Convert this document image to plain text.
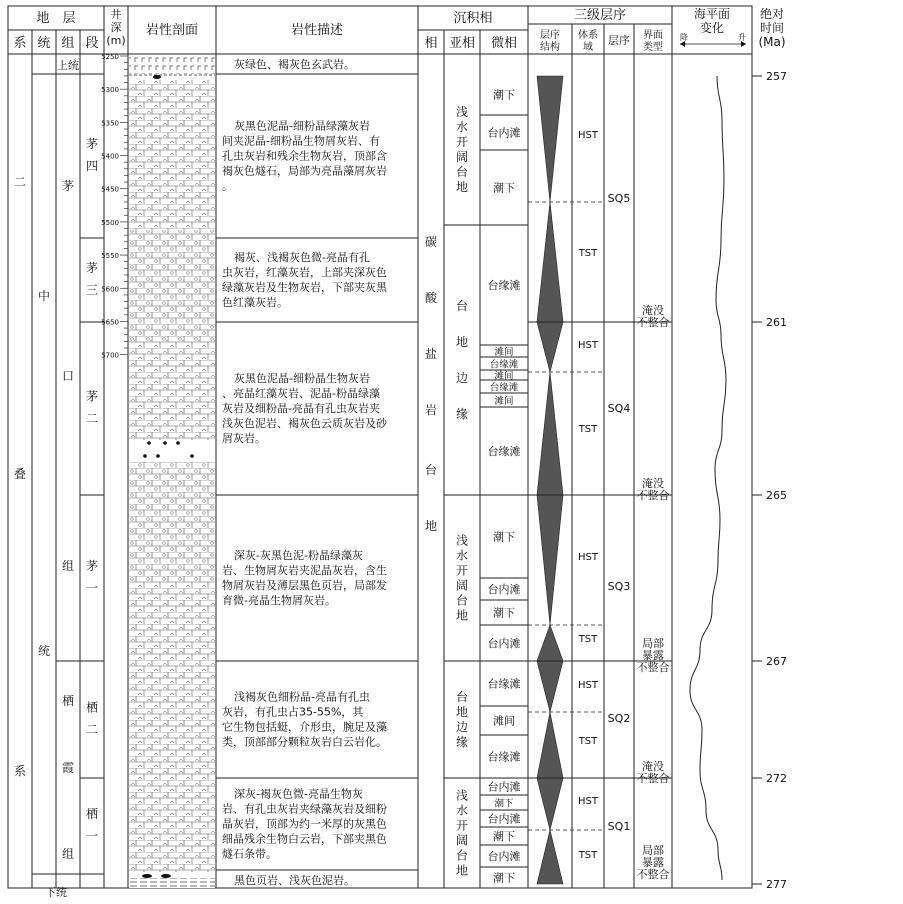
地　层
系 统 组 段
井深(m)
岩性剖面	岩性描述
沉积相
相 亚相 微相
三级层序
层序结构
体系域
层序 界面类型
海平面变化
降	升
绝对时间(Ma)
5250
5300
5350
5400
5450
5500
5550
5600
5650
5700
上统
下统
二
叠
系
中
统
茅
口
组
栖
霞
组
茅
四
茅
三
茅
二
茅
一
栖
二
栖
一
灰绿色、褐灰色玄武岩。
灰黑色泥晶-细粉晶绿藻灰岩间夹泥晶-细粉晶生物屑灰岩、有孔虫灰岩和残余生物灰岩，顶部含褐灰色燧石，局部为亮晶藻屑灰岩。
褐灰、浅褐灰色微-亮晶有孔虫灰岩，红藻灰岩，上部夹深灰色绿藻灰岩及生物灰岩，下部夹灰黑色红藻灰岩。
灰黑色泥晶-细粉晶生物灰岩、亮晶红藻灰岩、泥晶-粉晶绿藻灰岩及细粉晶-亮晶有孔虫灰岩夹浅灰色泥岩、褐灰色云质灰岩及砂屑灰岩。
深灰-灰黑色泥-粉晶绿藻灰岩、生物屑灰岩夹泥晶灰岩，含生物屑灰岩及薄层黑色页岩，局部发育微-亮晶生物屑灰岩。
浅褐灰色细粉晶-亮晶有孔虫灰岩，有孔虫占35-55%，其它生物包括蜓，介形虫，腕足及藻类，顶部部分颗粒灰岩白云岩化。
深灰-褐灰色微-亮晶生物灰岩、有孔虫灰岩夹绿藻灰岩及细粉晶灰岩，顶部为约一米厚的灰黑色细晶残余生物白云岩，下部夹黑色燧石条带。
黑色页岩、浅灰色泥岩。
碳
酸
盐
岩
台
地
浅
水
开
阔
台
地
台
地
边
缘
浅
水
开
阔
台
地
台
地
边
缘
浅
水
开
阔
台
地
潮下
台内滩
潮下
台缘滩
滩间
台缘滩
滩间
台缘滩
滩间
台缘滩
潮下
台内滩
潮下
台内滩
台缘滩
滩间
台缘滩
台内滩
潮下
台内滩
潮下
台内滩
潮下
HST
TST
HST
TST
HST
TST
HST
TST
HST
TST
SQ5
SQ4
SQ3
SQ2
SQ1
淹没不整合
淹没不整合
局部暴露不整合
淹没不整合
局部暴露不整合
257
261
265
267
272
277
